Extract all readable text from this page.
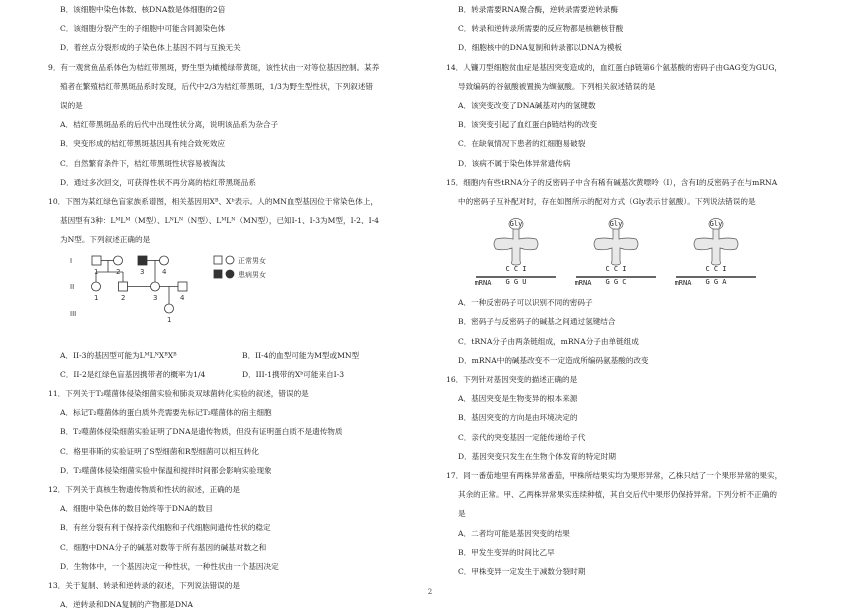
B．该细胞中染色体数、核DNA数是体细胞的2倍
C．该细胞分裂产生的子细胞中可能含同源染色体
D．着丝点分裂形成的子染色体上基因不同与互换无关
9．有一观赏鱼品系体色为桔红带黑斑，野生型为橄榄绿带黄斑，该性状由一对等位基因控制。某养
殖者在繁殖桔红带黑斑品系时发现，后代中2/3为桔红带黑斑，1/3为野生型性状，下列叙述错
误的是
A．桔红带黑斑品系的后代中出现性状分离，说明该品系为杂合子
B．突变形成的桔红带黑斑基因具有纯合致死效应
C．自然繁育条件下，桔红带黑斑性状容易被淘汰
D．通过多次回交，可获得性状不再分离的桔红带黑斑品系
10．下图为某红绿色盲家族系谱图，相关基因用Xᴮ、Xᵇ表示。人的MN血型基因位于常染色体上，
基因型有3种：LᴹLᴹ（M型）、LᴺLᴺ（N型）、LᴹLᴺ（MN型），已知I-1、I-3为M型，I-2、I-4
为N型。下列叙述正确的是
I
II
III
1	2	3	4
1	2	3	4
1
正常男女
患病男女
A．II-3的基因型可能为LᴹLᴺXᴮXᴮ	B．II-4的血型可能为M型或MN型
C．II-2是红绿色盲基因携带者的概率为1/4	D．III-1携带的Xᵇ可能来自I-3
11．下列关于T₂噬菌体侵染细菌实验和肺炎双球菌转化实验的叙述，错误的是
A．标记T₂噬菌体的蛋白质外壳需要先标记T₂噬菌体的宿主细胞
B．T₂噬菌体侵染细菌实验证明了DNA是遗传物质，但没有证明蛋白质不是遗传物质
C．格里菲斯的实验证明了S型细菌和R型细菌可以相互转化
D．T₂噬菌体侵染细菌实验中保温和搅拌时间都会影响实验现象
12．下列关于真核生物遗传物质和性状的叙述，正确的是
A．细胞中染色体的数目始终等于DNA的数目
B．有丝分裂有利于保持亲代细胞和子代细胞间遗传性状的稳定
C．细胞中DNA分子的碱基对数等于所有基因的碱基对数之和
D．生物体中，一个基因决定一种性状，一种性状由一个基因决定
13．关于复制、转录和逆转录的叙述，下列说法错误的是
A．逆转录和DNA复制的产物都是DNA
B．转录需要RNA聚合酶，逆转录需要逆转录酶
C．转录和逆转录所需要的反应物都是核糖核苷酸
D．细胞核中的DNA复制和转录都以DNA为模板
14．人镰刀型细胞贫血症是基因突变造成的，血红蛋白β链第6个氨基酸的密码子由GAG变为GUG，
导致编码的谷氨酸被置换为缬氨酸。下列相关叙述错误的是
A．该突变改变了DNA碱基对内的氢键数
B．该突变引起了血红蛋白β链结构的改变
C．在缺氧情况下患者的红细胞易破裂
D．该病不属于染色体异常遗传病
15．细胞内有些tRNA分子的反密码子中含有稀有碱基次黄嘌呤（I），含有I的反密码子在与mRNA
中的密码子互补配对时，存在如图所示的配对方式（Gly表示甘氨酸）。下列说法错误的是
Gly	Gly	Gly
C C I	C C I	C C I
G G U	G G C	G G A
mRNA	mRNA	mRNA
A．一种反密码子可以识别不同的密码子
B．密码子与反密码子的碱基之间通过氢键结合
C．tRNA分子由两条链组成，mRNA分子由单链组成
D．mRNA中的碱基改变不一定造成所编码氨基酸的改变
16．下列针对基因突变的描述正确的是
A．基因突变是生物变异的根本来源
B．基因突变的方向是由环境决定的
C．亲代的突变基因一定能传递给子代
D．基因突变只发生在生物个体发育的特定时期
17．同一番茄地里有两株异常番茄，甲株所结果实均为果形异常，乙株只结了一个果形异常的果实，
其余的正常。甲、乙两株异常果实连续种植，其自交后代中果形仍保持异常。下列分析不正确的
是
A．二者均可能是基因突变的结果
B．甲发生变异的时间比乙早
C．甲株变异一定发生于减数分裂时期
2
